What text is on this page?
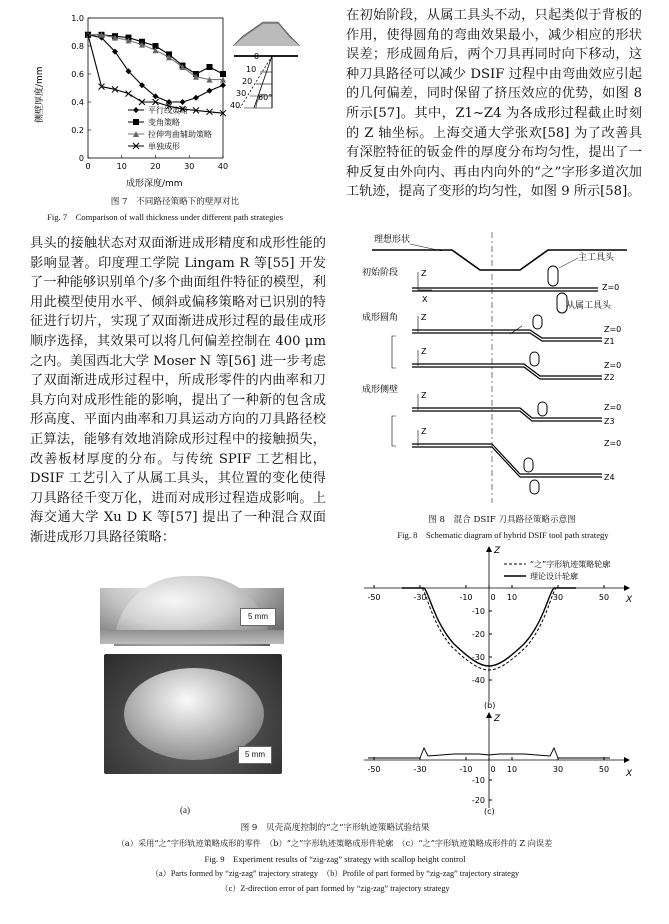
0
0.2
0.4
0.6
0.8
1.0
0	10	20	30	40
侧壁厚度/mm
成形深度/mm
0
10
20
30
40
60°
平行线策略
变角策略
拉伸弯曲辅助策略
单独成形
图 7　不同路径策略下的壁厚对比
Fig. 7　Comparison of wall thickness under different path strategies

具头的接触状态对双面渐进成形精度和成形性能的影响显著。印度理工学院 Lingam R 等[55] 开发了一种能够识别单个/多个曲面组件特征的模型，利用此模型使用水平、倾斜或偏移策略对已识别的特征进行切片，实现了双面渐进成形过程的最佳成形顺序选择，其效果可以将几何偏差控制在 400 μm 之内。美国西北大学 Moser N 等[56] 进一步考虑了双面渐进成形过程中，所成形零件的内曲率和刀具方向对成形性能的影响，提出了一种新的包含成形高度、平面内曲率和刀具运动方向的刀具路径校正算法，能够有效地消除成形过程中的接触损失，改善板材厚度的分布。与传统 SPIF 工艺相比，DSIF 工艺引入了从属工具头，其位置的变化使得刀具路径千变万化，进而对成形过程造成影响。上海交通大学 Xu D K 等[57] 提出了一种混合双面渐进成形刀具路径策略：

在初始阶段，从属工具头不动，只起类似于背板的作用，使得圆角的弯曲效果最小，减少相应的形状误差；形成圆角后，两个刀具再同时向下移动，这种刀具路径可以减少 DSIF 过程中由弯曲效应引起的几何偏差，同时保留了挤压效应的优势，如图 8 所示[57]。其中，Z1~Z4 为各成形过程截止时刻的 Z 轴坐标。上海交通大学张欢[58] 为了改善具有深腔特征的钣金件的厚度分布均匀性，提出了一种反复由外向内、再由内向外的“之”字形多道次加工轨迹，提高了变形的均匀性，如图 9 所示[58]。

理想形状
初始阶段	Z
X
主工具头
从属工具头
Z=0
成形圆角	Z
Z=0
Z1
Z
Z=0
Z2
成形侧壁
Z
Z=0
Z3
Z
Z=0
Z4
图 8　混合 DSIF 刀具路径策略示意图
Fig. 8　Schematic diagram of hybrid DSIF tool path strategy
5 mm
5 mm
(a)
-50	-30	-10 0 10	30	50
-10
-20
-30
-40
Z
X
“之”字形轨迹策略轮廓
理论设计轮廓
(b)
-50	-30	-10 0 10	30	50
-10
-20
Z
X
(c)
图 9　贝壳高度控制的“之”字形轨迹策略试验结果
（a）采用“之”字形轨迹策略成形的零件　（b）“之”字形轨迹策略成形件轮廓　（c）“之”字形轨迹策略成形件的 Z 向误差
Fig. 9　Experiment results of “zig-zag” strategy with scallop height control
（a）Parts formed by “zig-zag” trajectory strategy　（b）Profile of part formed by “zig-zag” trajectory strategy
（c）Z-direction error of part formed by “zig-zag” trajectory strategy
